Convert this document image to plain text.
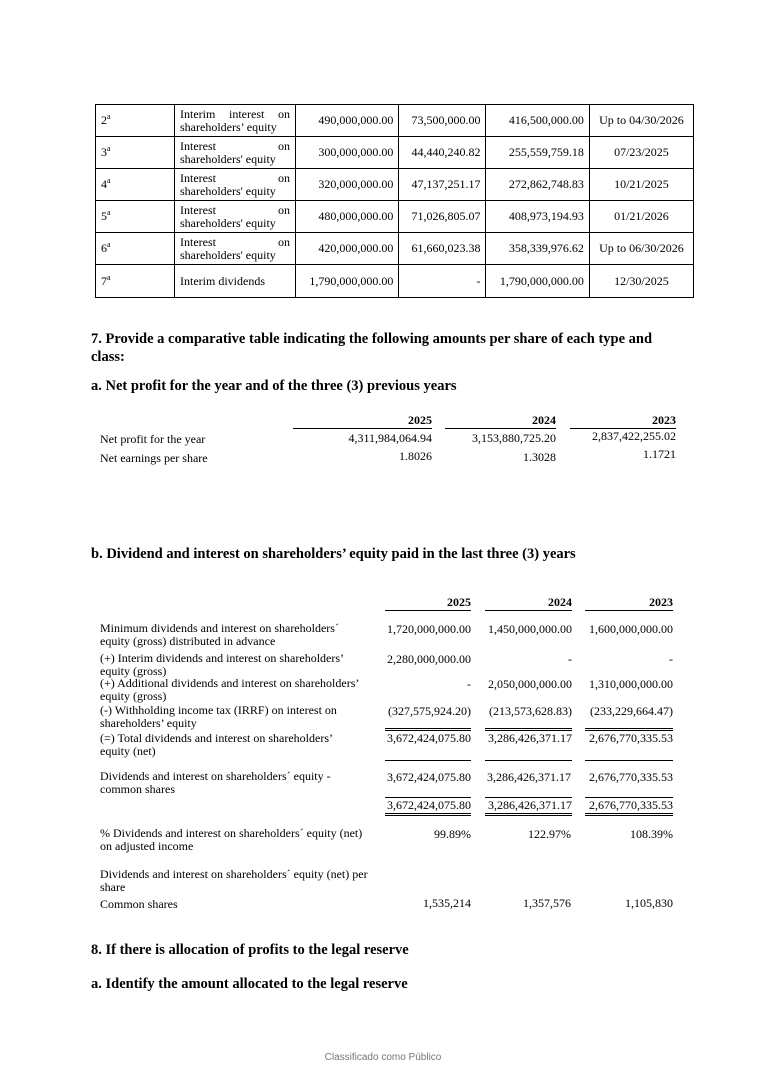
2$^a$	Interim interest on shareholders’ equity	490,000,000.00	73,500,000.00	416,500,000.00	Up to 04/30/2026
3$^a$	Interest on shareholders' equity	300,000,000.00	44,440,240.82	255,559,759.18	07/23/2025
4$^a$	Interest on shareholders' equity	320,000,000.00	47,137,251.17	272,862,748.83	10/21/2025
5$^a$	Interest on shareholders' equity	480,000,000.00	71,026,805.07	408,973,194.93	01/21/2026
6$^a$	Interest on shareholders' equity	420,000,000.00	61,660,023.38	358,339,976.62	Up to 06/30/2026
7$^a$	Interim dividends	1,790,000,000.00	-	1,790,000,000.00	12/30/2025
7. Provide a comparative table indicating the following amounts per share of each type and class:
a. Net profit for the year and of the three (3) previous years
2025	2024	2023
Net profit for the year	4,311,984,064.94	3,153,880,725.20	2,837,422,255.02
Net earnings per share	1.8026	1.3028	1.1721
b. Dividend and interest on shareholders’ equity paid in the last three (3) years
2025	2024	2023
Minimum dividends and interest on shareholders´ equity (gross) distributed in advance
1,720,000,000.00 1,450,000,000.00	1,600,000,000.00
(+) Interim dividends and interest on shareholders’ equity (gross)
2,280,000,000.00	-	-
(+) Additional dividends and interest on shareholders’ equity (gross)
- 2,050,000,000.00	1,310,000,000.00
(-) Withholding income tax (IRRF) on interest on shareholders’ equity
(327,575,924.20)	(213,573,628.83)	(233,229,664.47)
(=) Total dividends and interest on shareholders’ equity (net)
3,672,424,075.80 3,286,426,371.17	2,676,770,335.53
Dividends and interest on shareholders´ equity - common shares
3,672,424,075.80	3,286,426,371.17	2,676,770,335.53
3,672,424,075.80 3,286,426,371.17	2,676,770,335.53
% Dividends and interest on shareholders´ equity (net) on adjusted income
99.89%	122.97%	108.39%
Dividends and interest on shareholders´ equity (net) per share
Common shares	1,535,214	1,357,576	1,105,830
8. If there is allocation of profits to the legal reserve
a. Identify the amount allocated to the legal reserve
Classificado como Público
